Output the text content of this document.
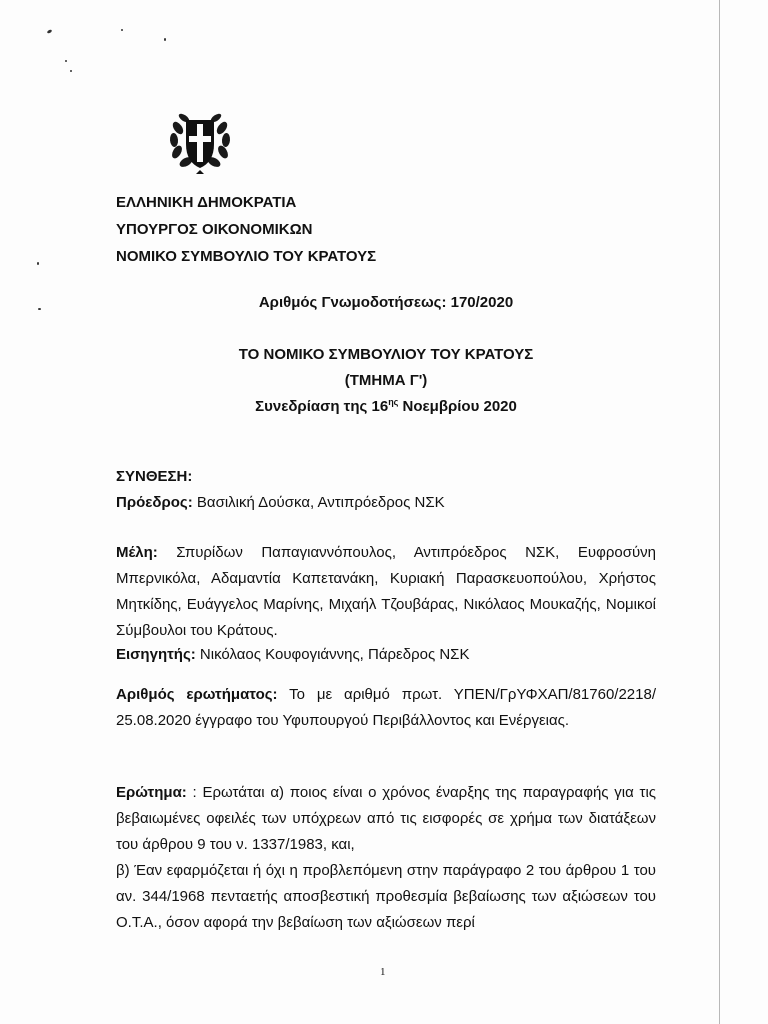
ΕΛΛΗΝΙΚΗ ΔΗΜΟΚΡΑΤΙΑ
ΥΠΟΥΡΓΟΣ ΟΙΚΟΝΟΜΙΚΩΝ
ΝΟΜΙΚΟ ΣΥΜΒΟΥΛΙΟ ΤΟΥ ΚΡΑΤΟΥΣ
Αριθμός Γνωμοδοτήσεως: 170/2020
ΤΟ ΝΟΜΙΚΟ ΣΥΜΒΟΥΛΙΟΥ ΤΟΥ ΚΡΑΤΟΥΣ
(ΤΜΗΜΑ Γ')
Συνεδρίαση της $16^{\eta\varsigma}$ Νοεμβρίου 2020
ΣΥΝΘΕΣΗ:
Πρόεδρος: Βασιλική Δούσκα, Αντιπρόεδρος ΝΣΚ
Μέλη: Σπυρίδων Παπαγιαννόπουλος, Αντιπρόεδρος ΝΣΚ, Ευφροσύνη Μπερνικόλα, Αδαμαντία Καπετανάκη, Κυριακή Παρασκευοπούλου, Χρήστος Μητκίδης, Ευάγγελος Μαρίνης, Μιχαήλ Τζουβάρας, Νικόλαος Μουκαζής, Νομικοί Σύμβουλοι του Κράτους.
Εισηγητής: Νικόλαος Κουφογιάννης, Πάρεδρος ΝΣΚ
Αριθμός ερωτήματος: Το με αριθμό πρωτ. ΥΠΕΝ/ΓρΥΦΧΑΠ/81760/2218/ 25.08.2020 έγγραφο του Υφυπουργού Περιβάλλοντος και Ενέργειας.
Ερώτημα: : Ερωτάται α) ποιος είναι ο χρόνος έναρξης της παραγραφής για τις βεβαιωμένες οφειλές των υπόχρεων από τις εισφορές σε χρήμα των διατάξεων του άρθρου 9 του ν. 1337/1983, και,
β) Έαν εφαρμόζεται ή όχι η προβλεπόμενη στην παράγραφο 2 του άρθρου 1 του αν. 344/1968 πενταετής αποσβεστική προθεσμία βεβαίωσης των αξιώσεων του Ο.Τ.Α., όσον αφορά την βεβαίωση των αξιώσεων περί
1
